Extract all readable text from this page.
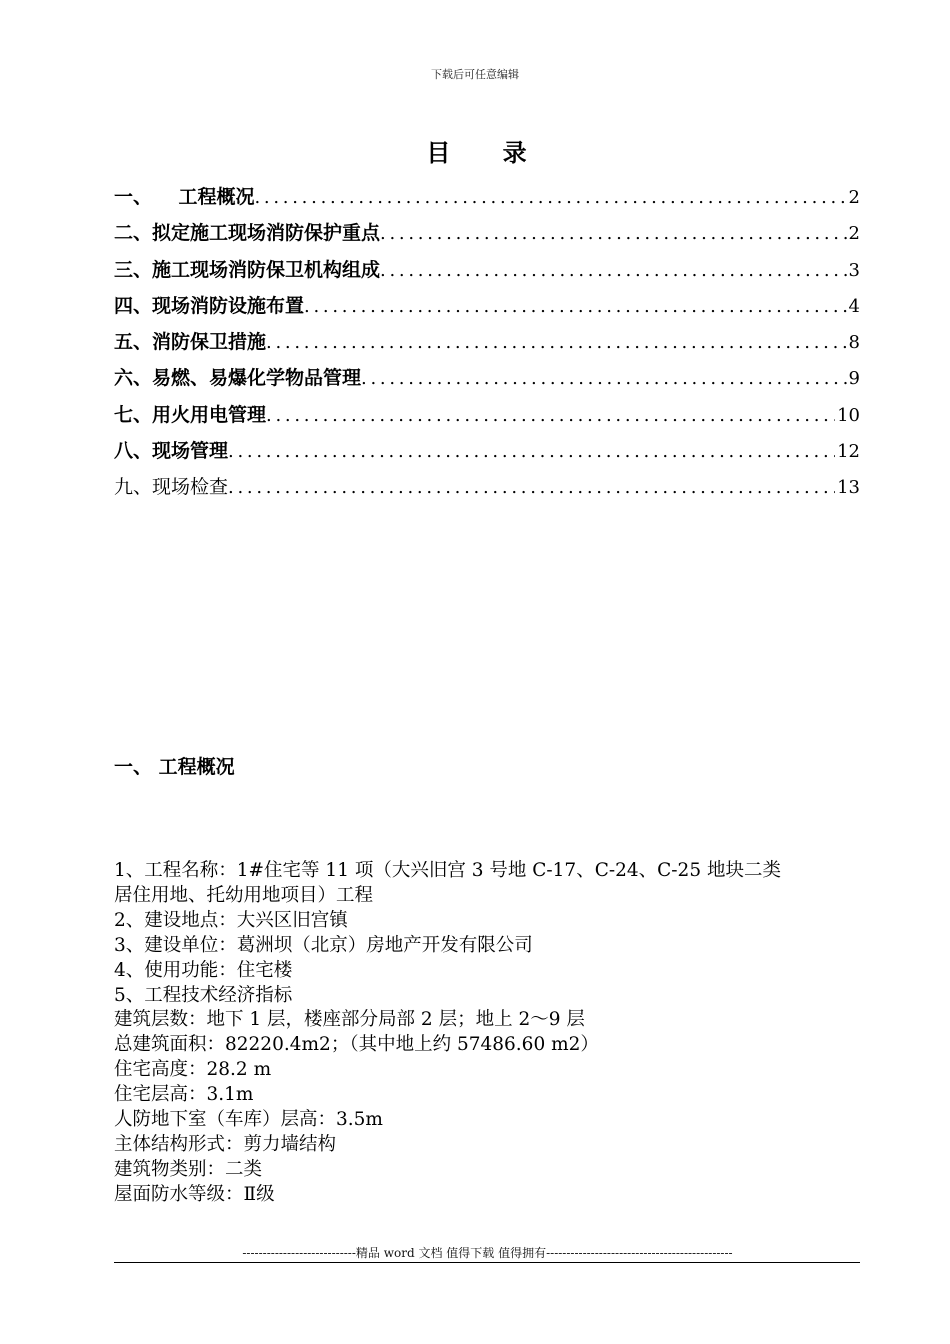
下载后可任意编辑
目 录
一、    工程概况 . . .	2
二、拟定施工现场消防保护重点 . . .	2
三、施工现场消防保卫机构组成 . . .	3
四、现场消防设施布置 . . .	4
五、消防保卫措施 . . .	8
六、易燃、易爆化学物品管理 . . .	9
七、用火用电管理 . . .	10
八、现场管理 . . .	12
九、现场检查 . . .	13
一、 工程概况

1、工程名称：1#住宅等 11 项（大兴旧宫 3 号地 C-17、C-24、C-25 地块二类

居住用地、托幼用地项目）工程

2、建设地点：大兴区旧宫镇

3、建设单位：葛洲坝（北京）房地产开发有限公司

4、使用功能：住宅楼

5、工程技术经济指标

建筑层数：地下 1 层，楼座部分局部 2 层；地上 2～9 层

总建筑面积：82220.4m2；（其中地上约 57486.60 m2）

住宅高度：28.2 m

住宅层高：3.1m

人防地下室（车库）层高：3.5m

主体结构形式：剪力墙结构

建筑物类别：二类

屋面防水等级：Ⅱ级

----------------------------精品 word 文档 值得下载 值得拥有----------------------------------------------
